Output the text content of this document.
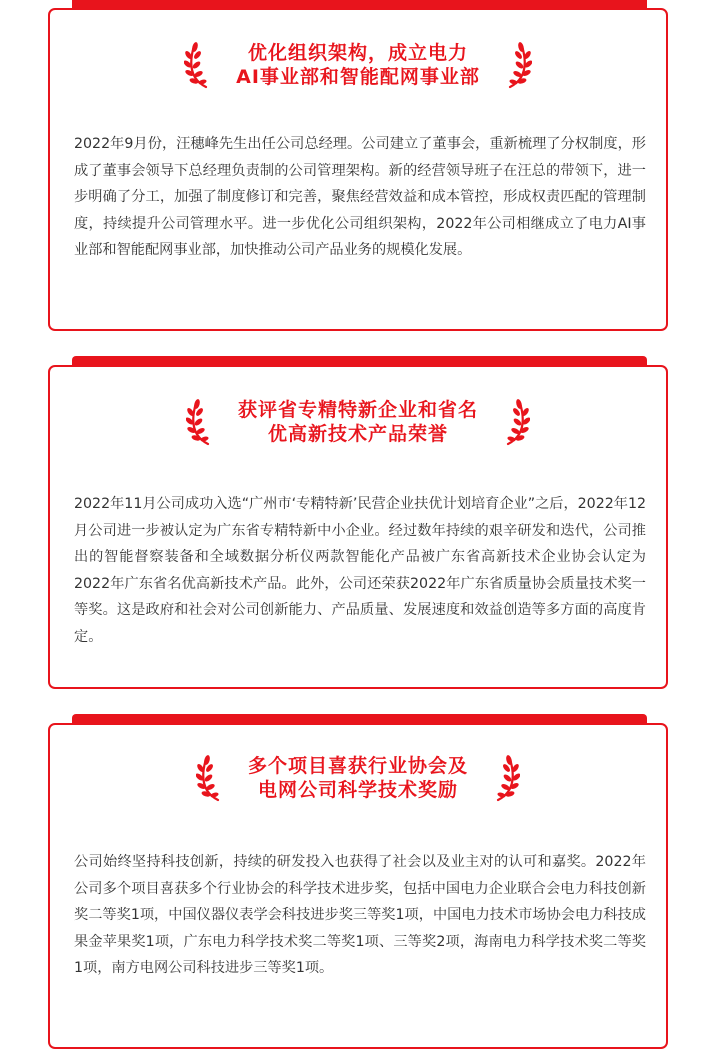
优化组织架构，成立电力
AI事业部和智能配网事业部

2022年9月份，汪穗峰先生出任公司总经理。公司建立了董事会，重新梳理了分权制度，形成了董事会领导下总经理负责制的公司管理架构。新的经营领导班子在汪总的带领下，进一步明确了分工，加强了制度修订和完善，聚焦经营效益和成本管控，形成权责匹配的管理制度，持续提升公司管理水平。进一步优化公司组织架构，2022年公司相继成立了电力AI事业部和智能配网事业部，加快推动公司产品业务的规模化发展。

获评省专精特新企业和省名
优高新技术产品荣誉

2022年11月公司成功入选“广州市‘专精特新’民营企业扶优计划培育企业”之后，2022年12月公司进一步被认定为广东省专精特新中小企业。经过数年持续的艰辛研发和迭代，公司推出的智能督察装备和全域数据分析仪两款智能化产品被广东省高新技术企业协会认定为2022年广东省名优高新技术产品。此外，公司还荣获2022年广东省质量协会质量技术奖一等奖。这是政府和社会对公司创新能力、产品质量、发展速度和效益创造等多方面的高度肯定。

多个项目喜获行业协会及
电网公司科学技术奖励

公司始终坚持科技创新，持续的研发投入也获得了社会以及业主对的认可和嘉奖。2022年公司多个项目喜获多个行业协会的科学技术进步奖，包括中国电力企业联合会电力科技创新奖二等奖1项，中国仪器仪表学会科技进步奖三等奖1项，中国电力技术市场协会电力科技成果金苹果奖1项，广东电力科学技术奖二等奖1项、三等奖2项，海南电力科学技术奖二等奖1项，南方电网公司科技进步三等奖1项。
